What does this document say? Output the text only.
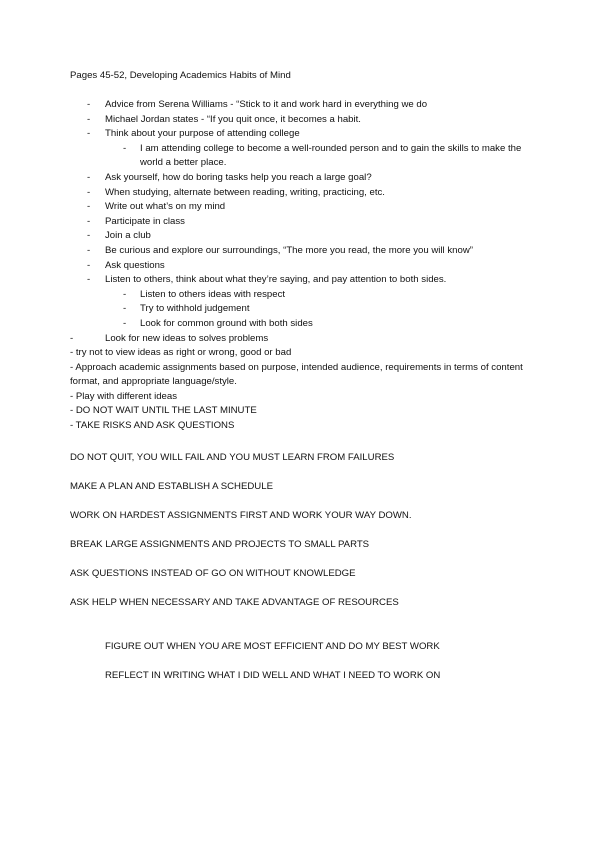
Pages 45-52, Developing Academics Habits of Mind
- Advice from Serena Williams - “Stick to it and work hard in everything we do
- Michael Jordan states - “If you quit once, it becomes a habit.
- Think about your purpose of attending college
- I am attending college to become a well-rounded person and to gain the skills to make the world a better place.
- Ask yourself, how do boring tasks help you reach a large goal?
- When studying, alternate between reading, writing, practicing, etc.
- Write out what’s on my mind
- Participate in class
- Join a club
- Be curious and explore our surroundings, “The more you read, the more you will know”
- Ask questions
- Listen to others, think about what they’re saying, and pay attention to both sides.
- Listen to others ideas with respect
- Try to withhold judgement
- Look for common ground with both sides
-	Look for new ideas to solves problems
- try not to view ideas as right or wrong, good or bad
- Approach academic assignments based on purpose, intended audience, requirements in terms of content format, and appropriate language/style.
- Play with different ideas
- DO NOT WAIT UNTIL THE LAST MINUTE
- TAKE RISKS AND ASK QUESTIONS
DO NOT QUIT, YOU WILL FAIL AND YOU MUST LEARN FROM FAILURES
MAKE A PLAN AND ESTABLISH A SCHEDULE
WORK ON HARDEST ASSIGNMENTS FIRST AND WORK YOUR WAY DOWN.
BREAK LARGE ASSIGNMENTS AND PROJECTS TO SMALL PARTS
ASK QUESTIONS INSTEAD OF GO ON WITHOUT KNOWLEDGE
ASK HELP WHEN NECESSARY AND TAKE ADVANTAGE OF RESOURCES
FIGURE OUT WHEN YOU ARE MOST EFFICIENT AND DO MY BEST WORK
REFLECT IN WRITING WHAT I DID WELL AND WHAT I NEED TO WORK ON
